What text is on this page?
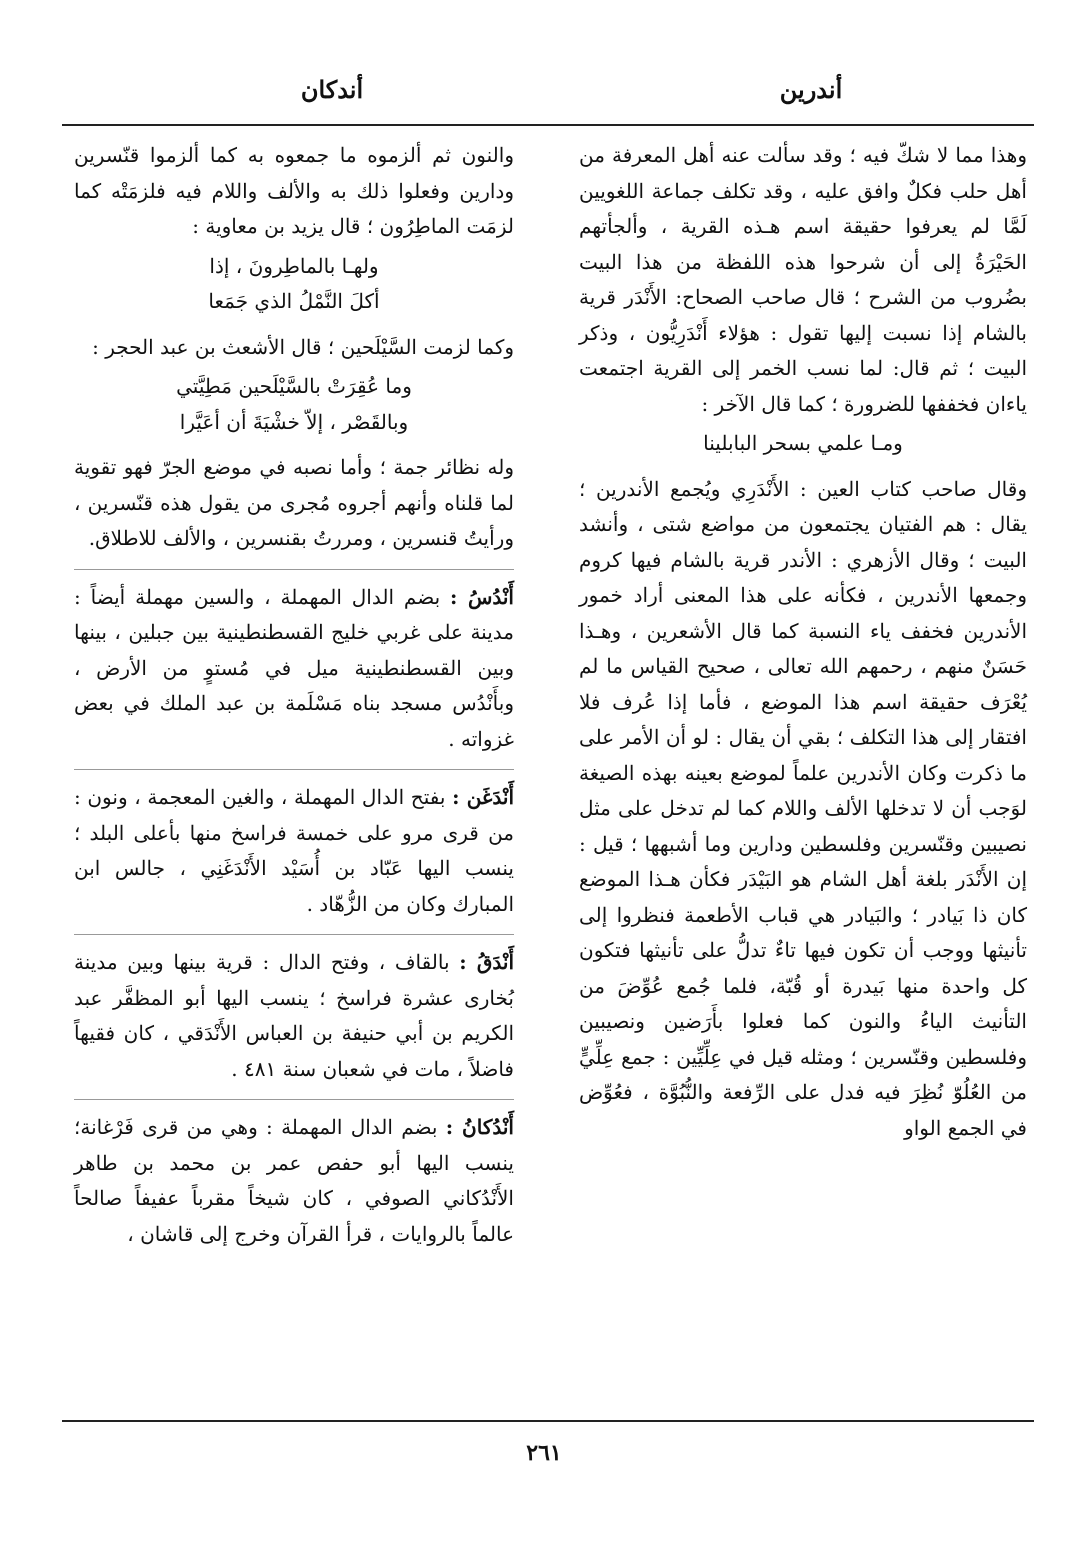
أندرين
أندكان

وهذا مما لا شكّ فيه ؛ وقد سألت عنه أهل المعرفة من أهل حلب فكلٌ وافق عليه ، وقد تكلف جماعة اللغويين لَمَّا لم يعرفوا حقيقة اسم هـذه القرية ، وألجأتهم الحَيْرَةُ إلى أن شرحوا هذه اللفظة من هذا البيت بضُروب من الشرح ؛ قال صاحب الصحاح: الأَنْدَر قرية بالشام إذا نسبت إليها تقول : هؤلاء أَنْدَرِيُّون ، وذكر البيت ؛ ثم قال: لما نسب الخمر إلى القرية اجتمعت ياءان فخففها للضرورة ؛ كما قال الآخر :

ومـا علمي بسحر البابلينا

وقال صاحب كتاب العين : الأَنْدَرِي ويُجمع الأندرين ؛ يقال : هم الفتيان يجتمعون من مواضع شتى ، وأنشد البيت ؛ وقال الأزهري : الأندر قرية بالشام فيها كروم وجمعها الأندرين ، فكأنه على هذا المعنى أراد خمور الأندرين فخفف ياء النسبة كما قال الأشعرين ، وهـذا حَسَنٌ منهم ، رحمهم الله تعالى ، صحيح القياس ما لم يُعْرَف حقيقة اسم هذا الموضع ، فأما إذا عُرف فلا افتقار إلى هذا التكلف ؛ بقي أن يقال : لو أن الأمر على ما ذكرت وكان الأندرين علماً لموضع بعينه بهذه الصيغة لوَجب أن لا تدخلها الألف واللام كما لم تدخل على مثل نصيبين وقنّسرين وفلسطين ودارين وما أشبهها ؛ قيل : إن الأَنْدَر بلغة أهل الشام هو البَيْدَر فكأن هـذا الموضع كان ذا بَيادر ؛ والبَيادر هي قباب الأطعمة فنظروا إلى تأنيثها ووجب أن تكون فيها تاءٌ تدلُّ على تأنيثها فتكون كل واحدة منها بَيدرة أو قُبّة، فلما جُمع عُوِّضَ من التأنيث الياءُ والنون كما فعلوا بأَرَضين ونصيبين وفلسطين وقنّسرين ؛ ومثله قيل في عِلِّيِّين : جمع عِلِّيٍّ من العُلُوّ نُظِرَ فيه فدل على الرِّفعة والنُّبُوَّة ، فعُوِّض في الجمع الواو

والنون ثم ألزموه ما جمعوه به كما ألزموا قنّسرين ودارين وفعلوا ذلك به والألف واللام فيه فلزمَتْه كما لزمَت الماطِرُون ؛ قال يزيد بن معاوية :

ولهـا بالماطِرونَ ، إذا

أكلَ النَّمْلُ الذي جَمَعا

وكما لزمت السَّيْلَحين ؛ قال الأشعث بن عبد الحجر :

وما عُقِرَتْ بالسَّيْلَحين مَطِيَّتي

وبالقَصْر ، إلاّ خشْيَةَ أن أعَيَّرا

وله نظائر جمة ؛ وأما نصبه في موضع الجرّ فهو تقوية لما قلناه وأنهم أجروه مُجرى من يقول هذه قنّسرين ، ورأيتُ قنسرين ، ومررتُ بقنسرين ، والألف للاطلاق.

أَنْدُسُ : بضم الدال المهملة ، والسين مهملة أيضاً : مدينة على غربي خليج القسطنطينية بين جبلين ، بينها وبين القسطنطينية ميل في مُستوٍ من الأرض ، وبأَنْدُس مسجد بناه مَسْلَمة بن عبد الملك في بعض غزواته .

أَنْدَغَن : بفتح الدال المهملة ، والغين المعجمة ، ونون : من قرى مرو على خمسة فراسخ منها بأعلى البلد ؛ ينسب اليها عَبّاد بن أُسَيْد الأَنْدَغَنِي ، جالس ابن المبارك وكان من الزُّهّاد .

أَنْدَقُ : بالقاف ، وفتح الدال : قرية بينها وبين مدينة بُخارى عشرة فراسخ ؛ ينسب اليها أبو المظفَّر عبد الكريم بن أبي حنيفة بن العباس الأَنْدَقي ، كان فقيهاً فاضلاً ، مات في شعبان سنة ٤٨١ .

أَنْدُكانُ : بضم الدال المهملة : وهي من قرى فَرْغانة؛ ينسب اليها أبو حفص عمر بن محمد بن طاهر الأَنْدُكاني الصوفي ، كان شيخاً مقرباً عفيفاً صالحاً عالماً بالروايات ، قرأ القرآن وخرج إلى قاشان ،

٢٦١
